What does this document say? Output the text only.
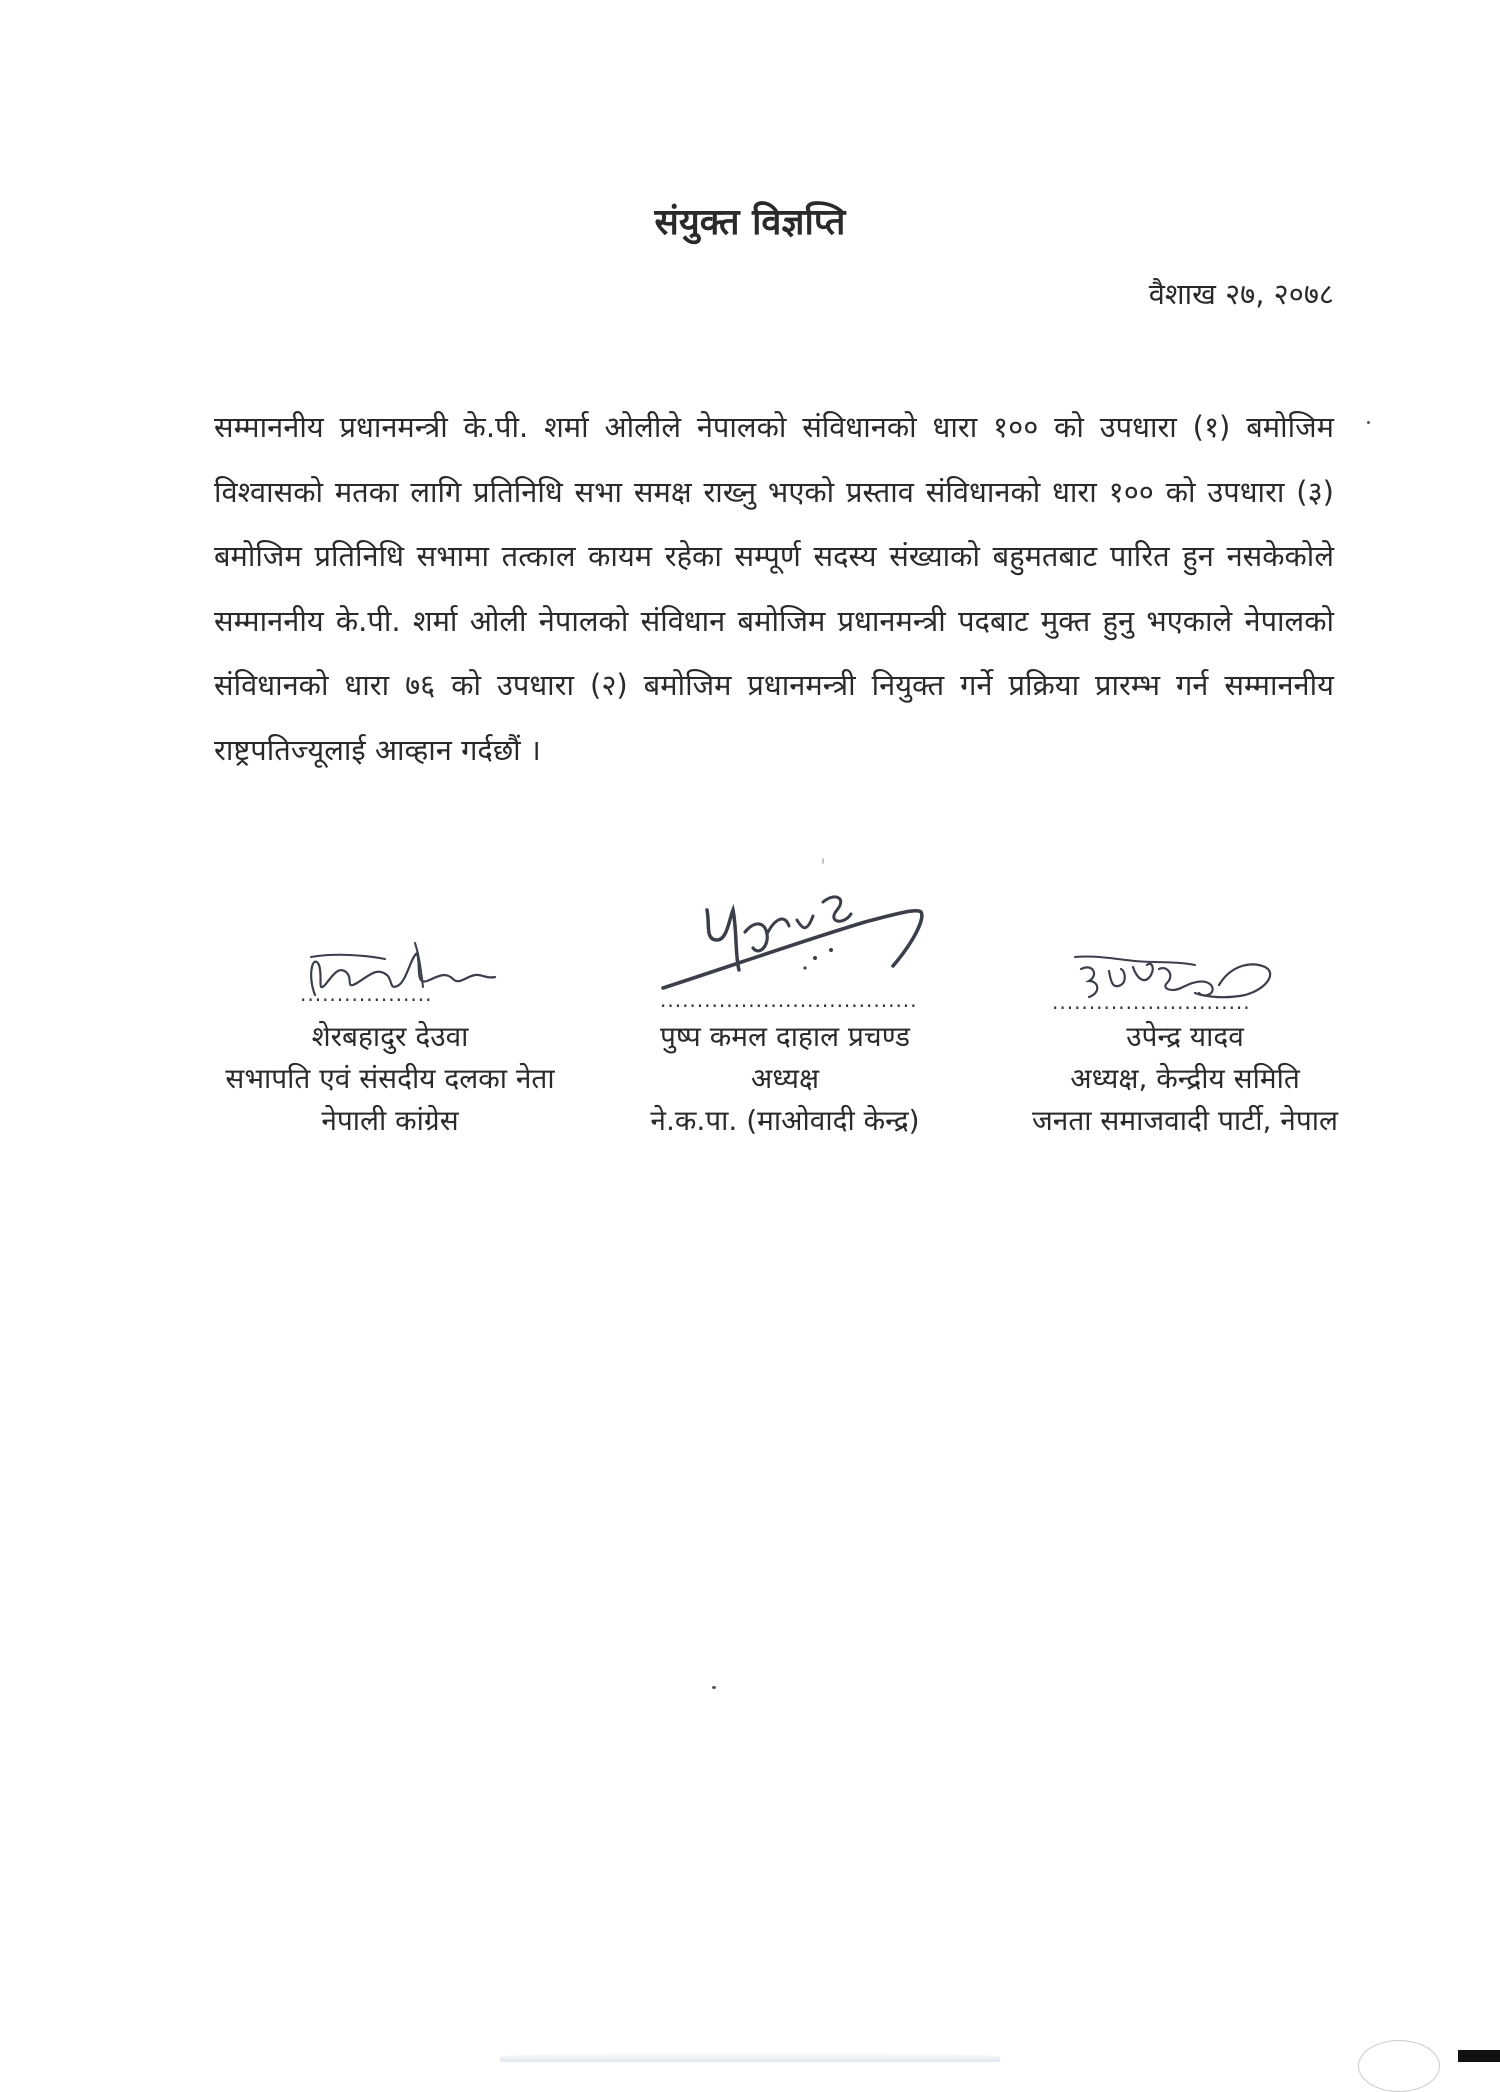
संयुक्त विज्ञप्ति
वैशाख २७, २०७८

सम्माननीय प्रधानमन्त्री के.पी. शर्मा ओलीले नेपालको संविधानको धारा १०० को उपधारा (१) बमोजिम विश्वासको मतका लागि प्रतिनिधि सभा समक्ष राख्नु भएको प्रस्ताव संविधानको धारा १०० को उपधारा (३) बमोजिम प्रतिनिधि सभामा तत्काल कायम रहेका सम्पूर्ण सदस्य संख्याको बहुमतबाट पारित हुन नसकेकोले सम्माननीय के.पी. शर्मा ओली नेपालको संविधान बमोजिम प्रधानमन्त्री पदबाट मुक्त हुनु भएकाले नेपालको संविधानको धारा ७६ को उपधारा (२) बमोजिम प्रधानमन्त्री नियुक्त गर्ने प्रक्रिया प्रारम्भ गर्न सम्माननीय राष्ट्रपतिज्यूलाई आव्हान गर्दछौं ।

..................	...................................	...........................
शेरबहादुर देउवा
सभापति एवं संसदीय दलका नेता
नेपाली कांग्रेस
पुष्प कमल दाहाल प्रचण्ड
अध्यक्ष
ने.क.पा. (माओवादी केन्द्र)
उपेन्द्र यादव
अध्यक्ष, केन्द्रीय समिति
जनता समाजवादी पार्टी, नेपाल
